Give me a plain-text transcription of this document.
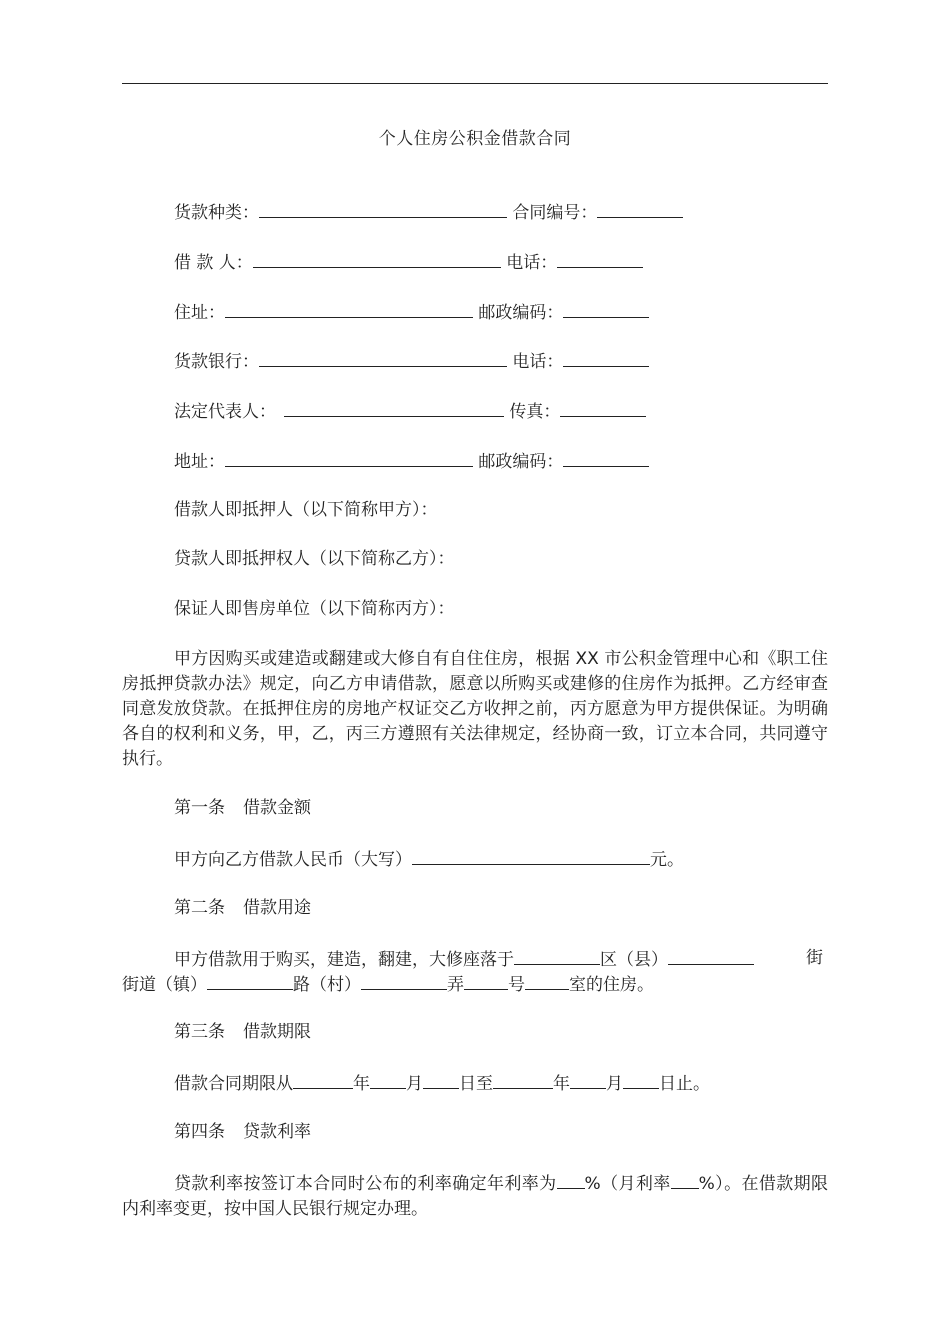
个人住房公积金借款合同
货款种类：	合同编号：
借 款 人：	电话：
住址：	邮政编码：
货款银行：	电话：
法定代表人：	传真：
地址：	邮政编码：
借款人即抵押人（以下简称甲方）：
贷款人即抵押权人（以下简称乙方）：
保证人即售房单位（以下简称丙方）：
甲方因购买或建造或翻建或大修自有自住住房，根据 XX 市公积金管理中心和《职工住房抵押贷款办法》规定，向乙方申请借款，愿意以所购买或建修的住房作为抵押。乙方经审查同意发放贷款。在抵押住房的房地产权证交乙方收押之前，丙方愿意为甲方提供保证。为明确各自的权利和义务，甲，乙，丙三方遵照有关法律规定，经协商一致，订立本合同，共同遵守执行。
第一条 借款金额
甲方向乙方借款人民币（大写）	元。
第二条 借款用途
甲方借款用于购买，建造，翻建，大修座落于	区（县）	街
街道（镇）	路（村）	弄	号	室的住房。
第三条 借款期限
借款合同期限从	年 月 日至	年 月 日止。
第四条 贷款利率
贷款利率按签订本合同时公布的利率确定年利率为 %（月利率 %）。在借款期限内利率变更，按中国人民银行规定办理。
